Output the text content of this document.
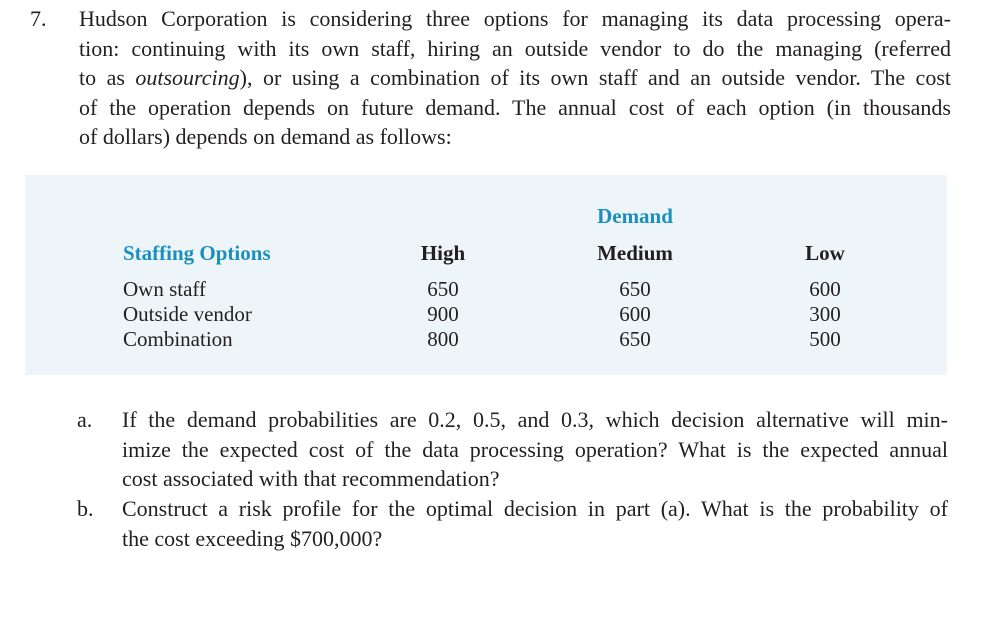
7. Hudson Corporation is considering three options for managing its data processing opera-
tion: continuing with its own staff, hiring an outside vendor to do the managing (referred
to as outsourcing), or using a combination of its own staff and an outside vendor. The cost
of the operation depends on future demand. The annual cost of each option (in thousands
of dollars) depends on demand as follows:
Demand
Staffing Options	High	Medium	Low
Own staff	650	650	600
Outside vendor	900	600	300
Combination	800	650	500
a. If the demand probabilities are 0.2, 0.5, and 0.3, which decision alternative will min-
imize the expected cost of the data processing operation? What is the expected annual
cost associated with that recommendation?
b. Construct a risk profile for the optimal decision in part (a). What is the probability of
the cost exceeding $700,000?
